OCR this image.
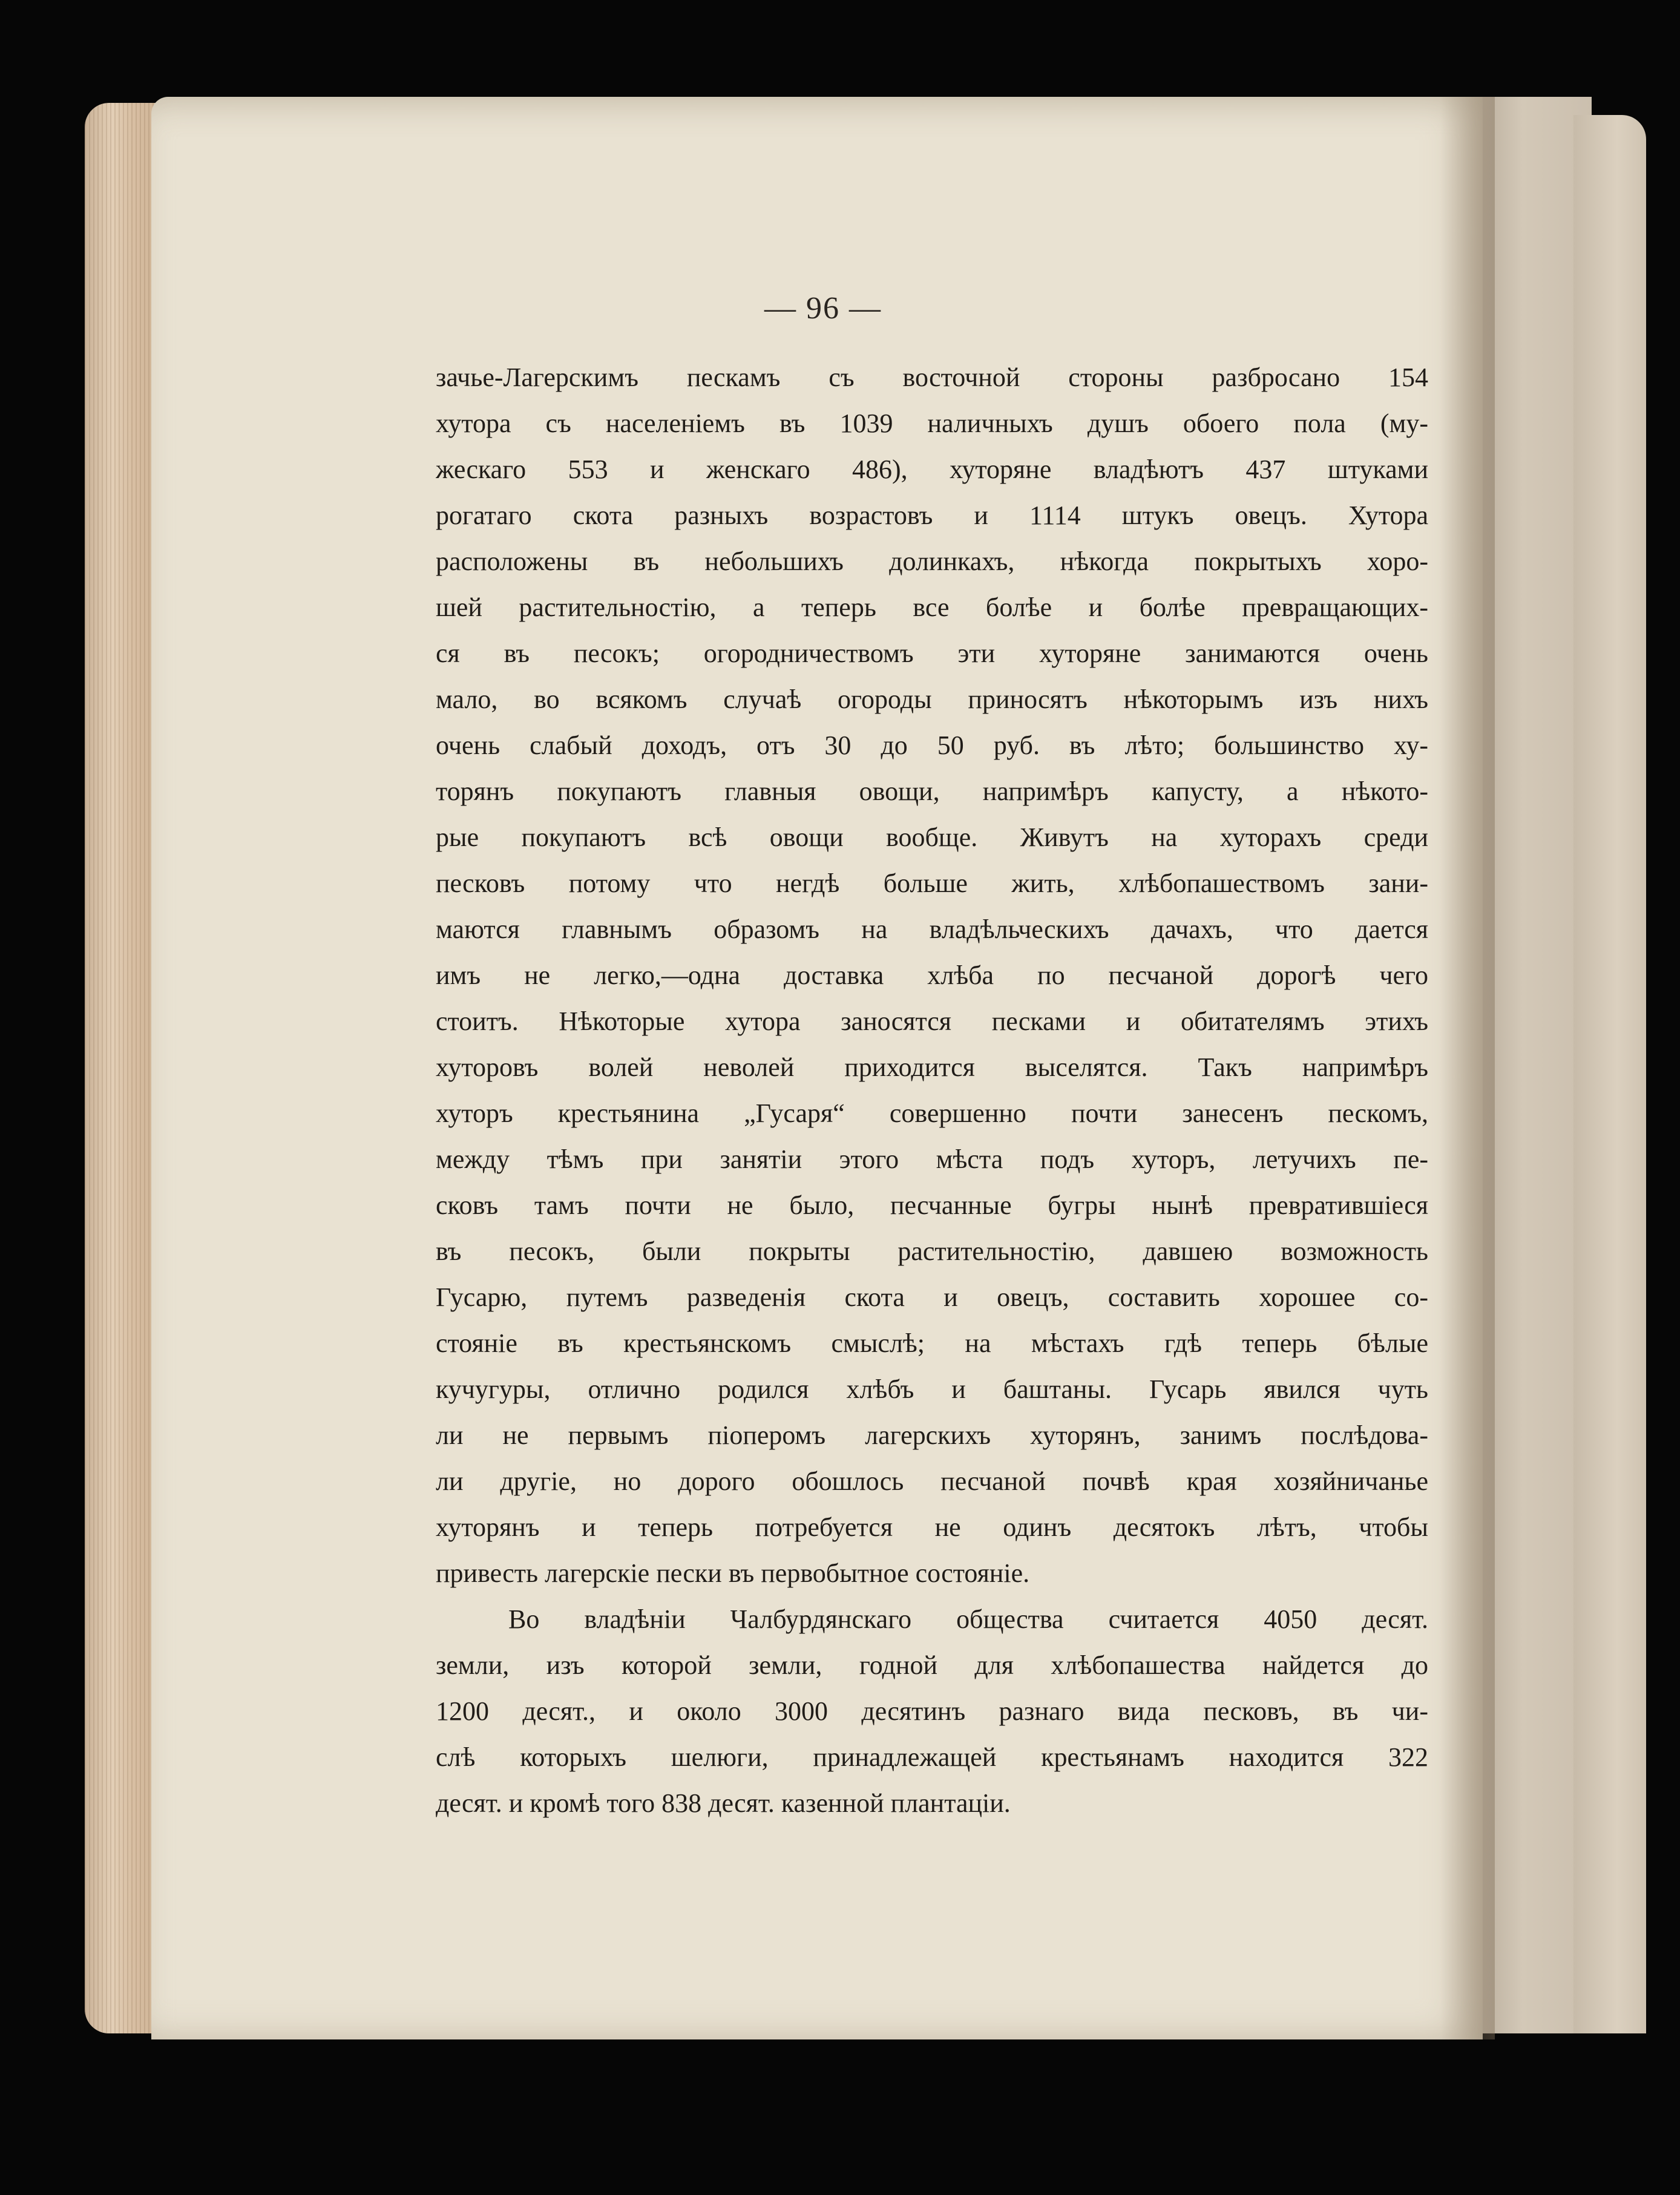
— 96 —
зачье-Лагерскимъ пескамъ съ восточной стороны разбросано 154
хутора съ населеніемъ въ 1039 наличныхъ душъ обоего пола (му-
жескаго 553 и женскаго 486), хуторяне владѣютъ 437 штуками
рогатаго скота разныхъ возрастовъ и 1114 штукъ овецъ. Хутора
расположены въ небольшихъ долинкахъ, нѣкогда покрытыхъ хоро-
шей растительностію, а теперь все болѣе и болѣе превращающих-
ся въ песокъ; огородничествомъ эти хуторяне занимаются очень
мало, во всякомъ случаѣ огороды приносятъ нѣкоторымъ изъ нихъ
очень слабый доходъ, отъ 30 до 50 руб. въ лѣто; большинство ху-
торянъ покупаютъ главныя овощи, напримѣръ капусту, а нѣкото-
рые покупаютъ всѣ овощи вообще. Живутъ на хуторахъ среди
песковъ потому что негдѣ больше жить, хлѣбопашествомъ зани-
маются главнымъ образомъ на владѣльческихъ дачахъ, что дается
имъ не легко,—одна доставка хлѣба по песчаной дорогѣ чего
стоитъ. Нѣкоторые хутора заносятся песками и обитателямъ этихъ
хуторовъ волей неволей приходится выселятся. Такъ напримѣръ
хуторъ крестьянина „Гусаря“ совершенно почти занесенъ пескомъ,
между тѣмъ при занятіи этого мѣста подъ хуторъ, летучихъ пе-
сковъ тамъ почти не было, песчанные бугры нынѣ превратившіеся
въ песокъ, были покрыты растительностію, давшею возможность
Гусарю, путемъ разведенія скота и овецъ, составить хорошее со-
стояніе въ крестьянскомъ смыслѣ; на мѣстахъ гдѣ теперь бѣлые
кучугуры, отлично родился хлѣбъ и баштаны. Гусарь явился чуть
ли не первымъ піоперомъ лагерскихъ хуторянъ, занимъ послѣдова-
ли другіе, но дорого обошлось песчаной почвѣ края хозяйничанье
хуторянъ и теперь потребуется не одинъ десятокъ лѣтъ, чтобы
привесть лагерскіе пески въ первобытное состояніе.
Во владѣніи Чалбурдянскаго общества считается 4050 десят.
земли, изъ которой земли, годной для хлѣбопашества найдется до
1200 десят., и около 3000 десятинъ разнаго вида песковъ, въ чи-
слѣ которыхъ шелюги, принадлежащей крестьянамъ находится 322
десят. и кромѣ того 838 десят. казенной плантаціи.
